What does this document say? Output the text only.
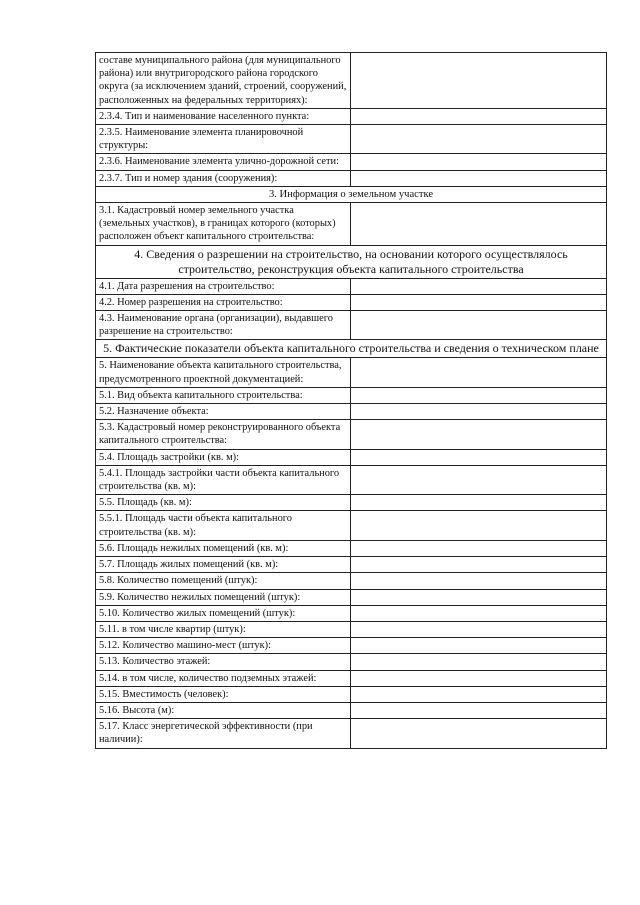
составе муниципального района (для муниципального района) или внутригородского района городского округа (за исключением зданий, строений, сооружений, расположенных на федеральных территориях):	

2.3.4. Тип и наименование населенного пункта:	

2.3.5. Наименование элемента планировочной структуры:	

2.3.6. Наименование элемента улично-дорожной сети:	

2.3.7. Тип и номер здания (сооружения):	

3. Информация о земельном участке	

3.1. Кадастровый номер земельного участка (земельных участков), в границах которого (которых) расположен объект капитального строительства:	

4. Сведения о разрешении на строительство, на основании которого осуществлялось строительство, реконструкция объекта капитального строительства	

4.1. Дата разрешения на строительство:	

4.2. Номер разрешения на строительство:	

4.3. Наименование органа (организации), выдавшего разрешение на строительство:	

5. Фактические показатели объекта капитального строительства и сведения о техническом плане	

5. Наименование объекта капитального строительства, предусмотренного проектной документацией:	

5.1. Вид объекта капитального строительства:	

5.2. Назначение объекта:	

5.3. Кадастровый номер реконструированного объекта капитального строительства:	

5.4. Площадь застройки (кв. м):	

5.4.1. Площадь застройки части объекта капитального строительства (кв. м):	

5.5. Площадь (кв. м):	

5.5.1. Площадь части объекта капитального строительства (кв. м):	

5.6. Площадь нежилых помещений (кв. м):	

5.7. Площадь жилых помещений (кв. м):	

5.8. Количество помещений (штук):	

5.9. Количество нежилых помещений (штук):	

5.10. Количество жилых помещений (штук):	

5.11. в том числе квартир (штук):	

5.12. Количество машино-мест (штук):	

5.13. Количество этажей:	

5.14. в том числе, количество подземных этажей:	

5.15. Вместимость (человек):	

5.16. Высота (м):	

5.17. Класс энергетической эффективности (при наличии):	
